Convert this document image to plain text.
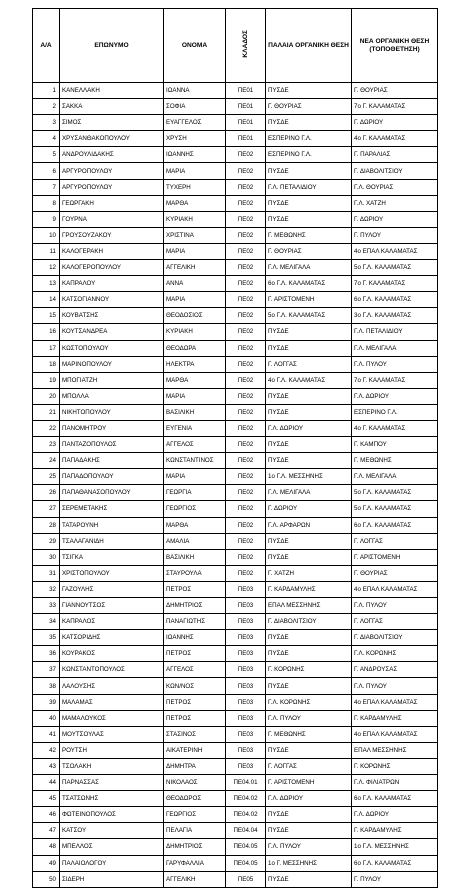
Α/Α	ΕΠΩΝΥΜΟ	ΟΝΟΜΑ	ΚΛΑΔΟΣ	ΠΑΛΑΙΑ ΟΡΓΑΝΙΚΗ ΘΕΣΗ	ΝΕΑ ΟΡΓΑΝΙΚΗ ΘΕΣΗ (ΤΟΠΟΘΕΤΗΣΗ)
1	ΚΑΝΕΛΛΑΚΗ	ΙΩΑΝΝΑ	ΠΕ01	ΠΥΣΔΕ	Γ. ΘΟΥΡΙΑΣ
2	ΣΑΚΚΑ	ΣΟΦΙΑ	ΠΕ01	Γ. ΘΟΥΡΙΑΣ	7ο Γ. ΚΑΛΑΜΑΤΑΣ
3	ΣΙΜΟΣ	ΕΥΑΓΓΕΛΟΣ	ΠΕ01	ΠΥΣΔΕ	Γ. ΔΩΡΙΟΥ
4	ΧΡΥΣΑΝΘΑΚΟΠΟΥΛΟΥ	ΧΡΥΣΗ	ΠΕ01	ΕΣΠΕΡΙΝΟ Γ.Λ.	4ο Γ. ΚΑΛΑΜΑΤΑΣ
5	ΑΝΔΡΟΥΛΙΔΑΚΗΣ	ΙΩΑΝΝΗΣ	ΠΕ02	ΕΣΠΕΡΙΝΟ Γ.Λ.	Γ. ΠΑΡΑΛΙΑΣ
6	ΑΡΓΥΡΟΠΟΥΛΟΥ	ΜΑΡΙΑ	ΠΕ02	ΠΥΣΔΕ	Γ. ΔΙΑΒΟΛΙΤΣΙΟΥ
7	ΑΡΓΥΡΟΠΟΥΛΟΥ	ΤΥΧΕΡΗ	ΠΕ02	Γ.Λ. ΠΕΤΑΛΙΔΙΟΥ	Γ.Λ. ΘΟΥΡΙΑΣ
8	ΓΕΩΡΓΑΚΗ	ΜΑΡΘΑ	ΠΕ02	ΠΥΣΔΕ	Γ.Λ. ΧΑΤΖΗ
9	ΓΟΥΡΝΑ	ΚΥΡΙΑΚΗ	ΠΕ02	ΠΥΣΔΕ	Γ. ΔΩΡΙΟΥ
10	ΓΡΟΥΣΟΥΖΑΚΟΥ	ΧΡΙΣΤΙΝΑ	ΠΕ02	Γ. ΜΕΘΩΝΗΣ	Γ. ΠΥΛΟΥ
11	ΚΑΛΟΓΕΡΑΚΗ	ΜΑΡΙΑ	ΠΕ02	Γ. ΘΟΥΡΙΑΣ	4ο ΕΠΑΛ ΚΑΛΑΜΑΤΑΣ
12	ΚΑΛΟΓΕΡΟΠΟΥΛΟΥ	ΑΓΓΕΛΙΚΗ	ΠΕ02	Γ.Λ. ΜΕΛΙΓΑΛΑ	5ο Γ.Λ. ΚΑΛΑΜΑΤΑΣ
13	ΚΑΠΡΑΛΟΥ	ΑΝΝΑ	ΠΕ02	6ο Γ.Λ. ΚΑΛΑΜΑΤΑΣ	7ο Γ. ΚΑΛΑΜΑΤΑΣ
14	ΚΑΤΣΟΓΙΑΝΝΟΥ	ΜΑΡΙΑ	ΠΕ02	Γ. ΑΡΙΣΤΟΜΕΝΗ	6ο Γ.Λ. ΚΑΛΑΜΑΤΑΣ
15	ΚΟΥΒΑΤΣΗΣ	ΘΕΟΔΟΣΙΟΣ	ΠΕ02	5ο Γ.Λ. ΚΑΛΑΜΑΤΑΣ	3ο Γ.Λ. ΚΑΛΑΜΑΤΑΣ
16	ΚΟΥΤΣΑΝΔΡΕΑ	ΚΥΡΙΑΚΗ	ΠΕ02	ΠΥΣΔΕ	Γ.Λ. ΠΕΤΑΛΙΔΙΟΥ
17	ΚΩΣΤΟΠΟΥΛΟΥ	ΘΕΟΔΩΡΑ	ΠΕ02	ΠΥΣΔΕ	Γ.Λ. ΜΕΛΙΓΑΛΑ
18	ΜΑΡΙΝΟΠΟΥΛΟΥ	ΗΛΕΚΤΡΑ	ΠΕ02	Γ. ΛΟΓΓΑΣ	Γ.Λ. ΠΥΛΟΥ
19	ΜΠΟΓΙΑΤΖΗ	ΜΑΡΘΑ	ΠΕ02	4ο Γ.Λ. ΚΑΛΑΜΑΤΑΣ	7ο Γ. ΚΑΛΑΜΑΤΑΣ
20	ΜΠΟΛΛΑ	ΜΑΡΙΑ	ΠΕ02	ΠΥΣΔΕ	Γ.Λ. ΔΩΡΙΟΥ
21	ΝΙΚΗΤΟΠΟΥΛΟΥ	ΒΑΣΙΛΙΚΗ	ΠΕ02	ΠΥΣΔΕ	ΕΣΠΕΡΙΝΟ Γ.Λ.
22	ΠΑΝΟΜΗΤΡΟΥ	ΕΥΓΕΝΙΑ	ΠΕ02	Γ.Λ. ΔΩΡΙΟΥ	4ο Γ. ΚΑΛΑΜΑΤΑΣ
23	ΠΑΝΤΑΖΟΠΟΥΛΟΣ	ΑΓΓΕΛΟΣ	ΠΕ02	ΠΥΣΔΕ	Γ. ΚΑΜΠΟΥ
24	ΠΑΠΑΔΑΚΗΣ	ΚΩΝΣΤΑΝΤΙΝΟΣ	ΠΕ02	ΠΥΣΔΕ	Γ. ΜΕΘΩΝΗΣ
25	ΠΑΠΑΔΟΠΟΥΛΟΥ	ΜΑΡΙΑ	ΠΕ02	1ο Γ.Λ. ΜΕΣΣΗΝΗΣ	Γ.Λ. ΜΕΛΙΓΑΛΑ
26	ΠΑΠΑΘΑΝΑΣΟΠΟΥΛΟΥ	ΓΕΩΡΓΙΑ	ΠΕ02	Γ.Λ. ΜΕΛΙΓΑΛΑ	5ο Γ.Λ. ΚΑΛΑΜΑΤΑΣ
27	ΣΕΡΕΜΕΤΑΚΗΣ	ΓΕΩΡΓΙΟΣ	ΠΕ02	Γ. ΔΩΡΙΟΥ	5ο Γ.Λ. ΚΑΛΑΜΑΤΑΣ
28	ΤΑΤΑΡΟΥΝΗ	ΜΑΡΘΑ	ΠΕ02	Γ.Λ. ΑΡΦΑΡΩΝ	6ο Γ.Λ. ΚΑΛΑΜΑΤΑΣ
29	ΤΣΑΛΑΓΑΝΙΔΗ	ΑΜΑΛΙΑ	ΠΕ02	ΠΥΣΔΕ	Γ. ΛΟΓΓΑΣ
30	ΤΣΙΓΚΑ	ΒΑΣΙΛΙΚΗ	ΠΕ02	ΠΥΣΔΕ	Γ. ΑΡΙΣΤΟΜΕΝΗ
31	ΧΡΙΣΤΟΠΟΥΛΟΥ	ΣΤΑΥΡΟΥΛΑ	ΠΕ02	Γ. ΧΑΤΖΗ	Γ. ΘΟΥΡΙΑΣ
32	ΓΑΖΟΥΛΗΣ	ΠΕΤΡΟΣ	ΠΕ03	Γ. ΚΑΡΔΑΜΥΛΗΣ	4ο ΕΠΑΛ ΚΑΛΑΜΑΤΑΣ
33	ΓΙΑΝΝΟΥΤΣΟΣ	ΔΗΜΗΤΡΙΟΣ	ΠΕ03	ΕΠΑΛ ΜΕΣΣΗΝΗΣ	Γ.Λ. ΠΥΛΟΥ
34	ΚΑΠΡΑΛΟΣ	ΠΑΝΑΓΙΩΤΗΣ	ΠΕ03	Γ. ΔΙΑΒΟΛΙΤΣΙΟΥ	Γ. ΛΟΓΓΑΣ
35	ΚΑΤΣΟΡΙΔΗΣ	ΙΩΑΝΝΗΣ	ΠΕ03	ΠΥΣΔΕ	Γ. ΔΙΑΒΟΛΙΤΣΙΟΥ
36	ΚΟΥΡΑΚΟΣ	ΠΕΤΡΟΣ	ΠΕ03	ΠΥΣΔΕ	Γ.Λ. ΚΟΡΩΝΗΣ
37	ΚΩΝΣΤΑΝΤΟΠΟΥΛΟΣ	ΑΓΓΕΛΟΣ	ΠΕ03	Γ. ΚΟΡΩΝΗΣ	Γ. ΑΝΔΡΟΥΣΑΣ
38	ΛΑΛΟΥΣΗΣ	ΚΩΝ/ΝΟΣ	ΠΕ03	ΠΥΣΔΕ	Γ.Λ. ΠΥΛΟΥ
39	ΜΑΛΑΜΑΣ	ΠΕΤΡΟΣ	ΠΕ03	Γ.Λ. ΚΟΡΩΝΗΣ	4ο ΕΠΑΛ ΚΑΛΑΜΑΤΑΣ
40	ΜΑΜΑΛΟΥΚΟΣ	ΠΕΤΡΟΣ	ΠΕ03	Γ.Λ. ΠΥΛΟΥ	Γ. ΚΑΡΔΑΜΥΛΗΣ
41	ΜΟΥΤΣΟΥΛΑΣ	ΣΤΑΣΙΝΟΣ	ΠΕ03	Γ. ΜΕΘΩΝΗΣ	4ο ΕΠΑΛ ΚΑΛΑΜΑΤΑΣ
42	ΡΟΥΤΣΗ	ΑΙΚΑΤΕΡΙΝΗ	ΠΕ03	ΠΥΣΔΕ	ΕΠΑΛ ΜΕΣΣΗΝΗΣ
43	ΤΣΟΛΑΚΗ	ΔΗΜΗΤΡΑ	ΠΕ03	Γ. ΛΟΓΓΑΣ	Γ. ΚΟΡΩΝΗΣ
44	ΠΑΡΝΑΣΣΑΣ	ΝΙΚΟΛΑΟΣ	ΠΕ04.01	Γ. ΑΡΙΣΤΟΜΕΝΗ	Γ.Λ. ΦΙΛΙΑΤΡΩΝ
45	ΤΣΑΤΣΩΝΗΣ	ΘΕΟΔΩΡΟΣ	ΠΕ04.02	Γ.Λ. ΔΩΡΙΟΥ	6ο Γ.Λ. ΚΑΛΑΜΑΤΑΣ
46	ΦΩΤΕΙΝΟΠΟΥΛΟΣ	ΓΕΩΡΓΙΟΣ	ΠΕ04.02	ΠΥΣΔΕ	Γ.Λ. ΔΩΡΙΟΥ
47	ΚΑΤΣΟΥ	ΠΕΛΑΓΙΑ	ΠΕ04.04	ΠΥΣΔΕ	Γ. ΚΑΡΔΑΜΥΛΗΣ
48	ΜΠΕΛΛΟΣ	ΔΗΜΗΤΡΙΟΣ	ΠΕ04.05	Γ.Λ. ΠΥΛΟΥ	1ο Γ.Λ. ΜΕΣΣΗΝΗΣ
49	ΠΑΛΑΙΟΛΟΓΟΥ	ΓΑΡΥΦΑΛΛΙΑ	ΠΕ04.05	1ο Γ. ΜΕΣΣΗΝΗΣ	6ο Γ.Λ. ΚΑΛΑΜΑΤΑΣ
50	ΣΙΔΕΡΗ	ΑΓΓΕΛΙΚΗ	ΠΕ05	ΠΥΣΔΕ	Γ. ΠΥΛΟΥ
